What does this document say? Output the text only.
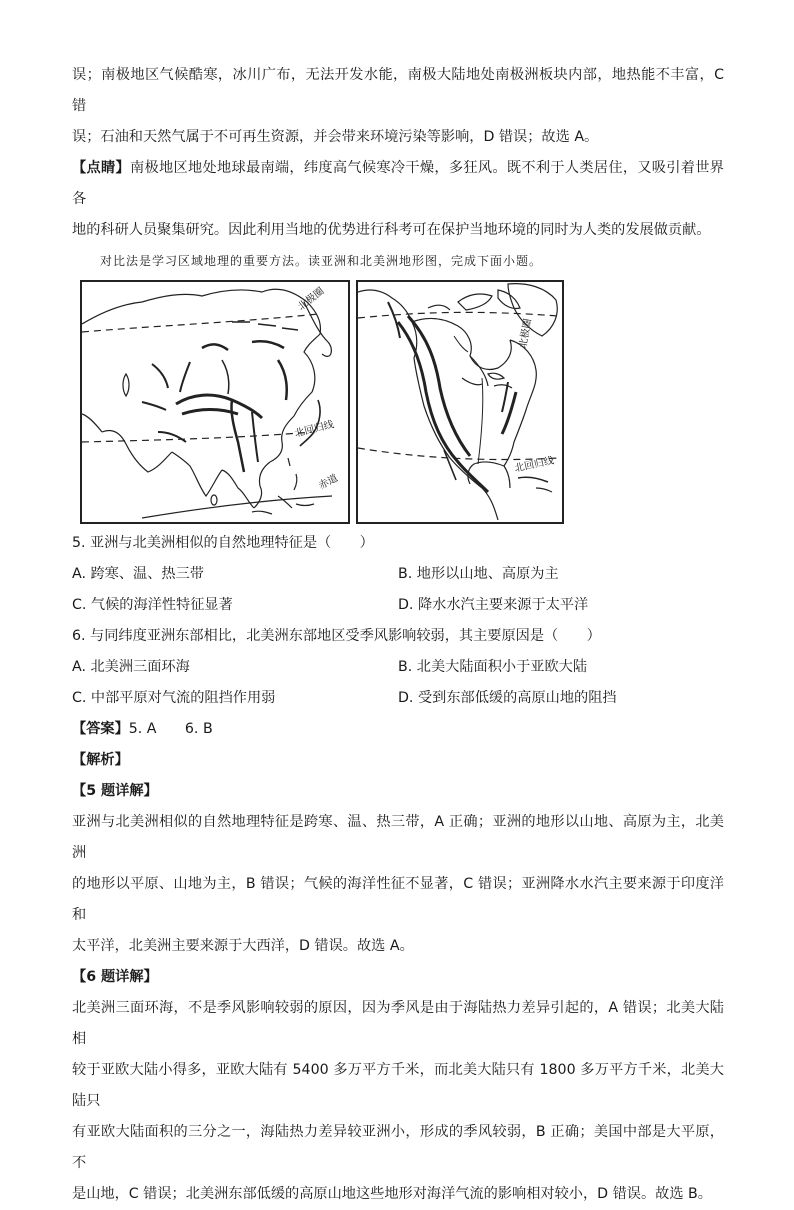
误；南极地区气候酷寒，冰川广布，无法开发水能，南极大陆地处南极洲板块内部，地热能不丰富，C 错

误；石油和天然气属于不可再生资源，并会带来环境污染等影响，D 错误；故选 A。

【点睛】南极地区地处地球最南端，纬度高气候寒冷干燥，多狂风。既不利于人类居住，又吸引着世界各

地的科研人员聚集研究。因此利用当地的优势进行科考可在保护当地环境的同时为人类的发展做贡献。

对比法是学习区域地理的重要方法。读亚洲和北美洲地形图，完成下面小题。

北极圈
北回归线
赤道
北极圈
北回归线

5. 亚洲与北美洲相似的自然地理特征是（　　）

A. 跨寒、温、热三带	B. 地形以山地、高原为主
C. 气候的海洋性特征显著	D. 降水水汽主要来源于太平洋

6. 与同纬度亚洲东部相比，北美洲东部地区受季风影响较弱，其主要原因是（　　）

A. 北美洲三面环海	B. 北美大陆面积小于亚欧大陆
C. 中部平原对气流的阻挡作用弱	D. 受到东部低缓的高原山地的阻挡

【答案】5. A　　6. B

【解析】

【5 题详解】

亚洲与北美洲相似的自然地理特征是跨寒、温、热三带，A 正确；亚洲的地形以山地、高原为主，北美洲

的地形以平原、山地为主，B 错误；气候的海洋性征不显著，C 错误；亚洲降水水汽主要来源于印度洋和

太平洋，北美洲主要来源于大西洋，D 错误。故选 A。

【6 题详解】

北美洲三面环海，不是季风影响较弱的原因，因为季风是由于海陆热力差异引起的，A 错误；北美大陆相

较于亚欧大陆小得多，亚欧大陆有 5400 多万平方千米，而北美大陆只有 1800 多万平方千米，北美大陆只

有亚欧大陆面积的三分之一，海陆热力差异较亚洲小，形成的季风较弱，B 正确；美国中部是大平原，不

是山地，C 错误；北美洲东部低缓的高原山地这些地形对海洋气流的影响相对较小，D 错误。故选 B。
